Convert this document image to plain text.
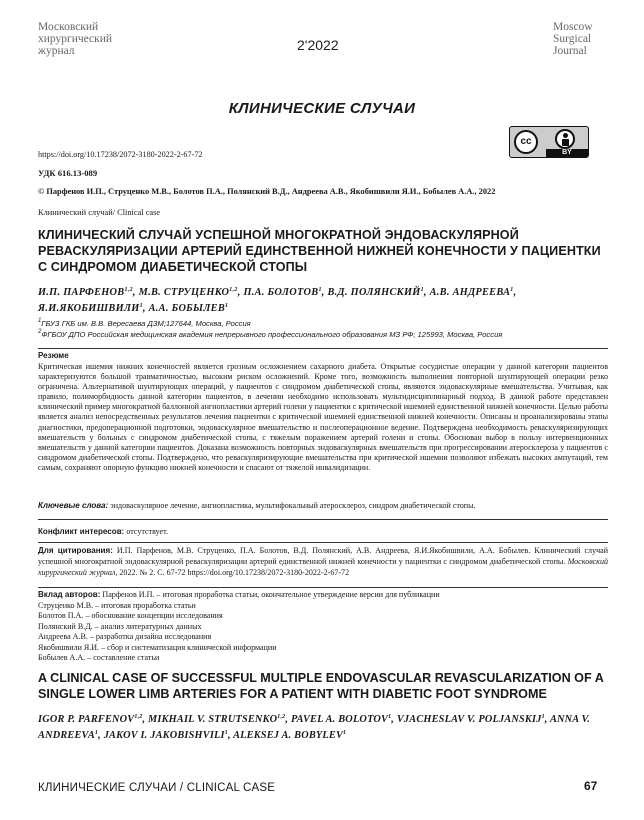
Московский
хирургический
журнал	2'2022
Moscow
Surgical
Journal
КЛИНИЧЕСКИЕ СЛУЧАИ
cc
BY
https://doi.org/10.17238/2072-3180-2022-2-67-72
УДК 616.13-089
© Парфенов И.П., Струценко М.В., Болотов П.А., Полянский В.Д., Андреева А.В., Якобишвили Я.И., Бобылев А.А., 2022
Клинический случай/ Clinical case
КЛИНИЧЕСКИЙ СЛУЧАЙ УСПЕШНОЙ МНОГОКРАТНОЙ ЭНДОВАСКУЛЯРНОЙ РЕВАСКУЛЯРИЗАЦИИ АРТЕРИЙ ЕДИНСТВЕННОЙ НИЖНЕЙ КОНЕЧНОСТИ У ПАЦИЕНТКИ С СИНДРОМОМ ДИАБЕТИЧЕСКОЙ СТОПЫ
И.П. ПАРФЕНОВ$^{1,2}$, М.В. СТРУЦЕНКО$^{1,2}$, П.А. БОЛОТОВ$^1$, В.Д. ПОЛЯНСКИЙ$^1$, А.В. АНДРЕЕВА$^1$, Я.И.ЯКОБИШВИЛИ$^1$, А.А. БОБЫЛЕВ$^1$
$^1$ГБУЗ ГКБ им. В.В. Вересаева ДЗМ;127644, Москва, Россия
$^2$ФГБОУ ДПО Российская медицинская академия непрерывного профессионального образования МЗ РФ; 125993, Москва, Россия
Резюме
Критическая ишемия нижних конечностей является грозным осложнением сахарного диабета. Открытые сосудистые операции у данной категории пациентов характеризуются большой травматичностью, высоким риском осложнений. Кроме того, возможность выполнения повторной шунтирующей операции резко ограничена. Альтернативой шунтирующих операций, у пациентов с синдромом диабетической стопы, являются эндоваскулярные вмешательства. Учитывая, как правило, полиморбидность данной категории пациентов, в лечении необходимо использовать мультидисциплинарный подход. В данной работе представлен клинический пример многократной баллонной ангиопластики артерий голени у пациентки с критической ишемией единственной нижней конечности. Целью работы является анализ непосредственных результатов лечения пациентки с критической ишемией единственной нижней конечности. Описаны и проанализированы этапы диагностики, предоперационной подготовки, эндоваскулярное вмешательство и послеоперационное ведение. Подтверждена необходимость реваскуляризирующих вмешательств у больных с синдромом диабетической стопы, с тяжелым поражением артерий голени и стопы. Обоснован выбор в пользу интервенционных вмешательств у данной категории пациентов. Доказана возможность повторных эндоваскулярных вмешательств при прогрессировании атеросклероза у пациентов с синдромом диабетической стопы. Подтверждено, что реваскуляризирующие вмешательства при критической ишемии позволяют избежать высоких ампутаций, тем самым, сохраняют опорную функцию нижней конечности и спасают от тяжелой инвалидизации.
Ключевые слова: эндоваскулярное лечение, ангиопластика, мультифокальный атеросклероз, синдром диабетической стопы.
Конфликт интересов: отсутствует.
Для цитирования: И.П. Парфенов, М.В. Струценко, П.А. Болотов, В.Д. Полянский, А.В. Андреева, Я.И.Якобишвили, А.А. Бобылев. Клинический случай успешной многократной эндоваскулярной реваскуляризации артерий единственной нижней конечности у пациентки с синдромом диабетической стопы. Московский хирургический журнал, 2022. № 2. С. 67-72 https://doi.org/10.17238/2072-3180-2022-2-67-72
Вклад авторов: Парфенов И.П. – итоговая проработка статьи, окончательное утверждение версии для публикации
Струценко М.В. – итоговая проработка статьи
Болотов П.А. – обоснование концепции исследования
Полянский В.Д. – анализ литературных данных
Андреева А.В. – разработка дизайна исследования
Якобишвили Я.И. – сбор и систематизация клинической информации
Бобылев А.А. – составление статьи
A CLINICAL CASE OF SUCCESSFUL MULTIPLE ENDOVASCULAR REVASCULARIZATION OF A SINGLE LOWER LIMB ARTERIES FOR A PATIENT WITH DIABETIC FOOT SYNDROME
IGOR P. PARFENOV$^{1,2}$, MIKHAIL V. STRUTSENKO$^{1,2}$, PAVEL A. BOLOTOV$^1$, VJACHESLAV V. POLJANSKIJ$^1$, ANNA V. ANDREEVA$^1$, JAKOV I. JAKOBISHVILI$^1$, ALEKSEJ A. BOBYLEV$^1$
КЛИНИЧЕСКИЕ СЛУЧАИ / CLINICAL CASE	67
